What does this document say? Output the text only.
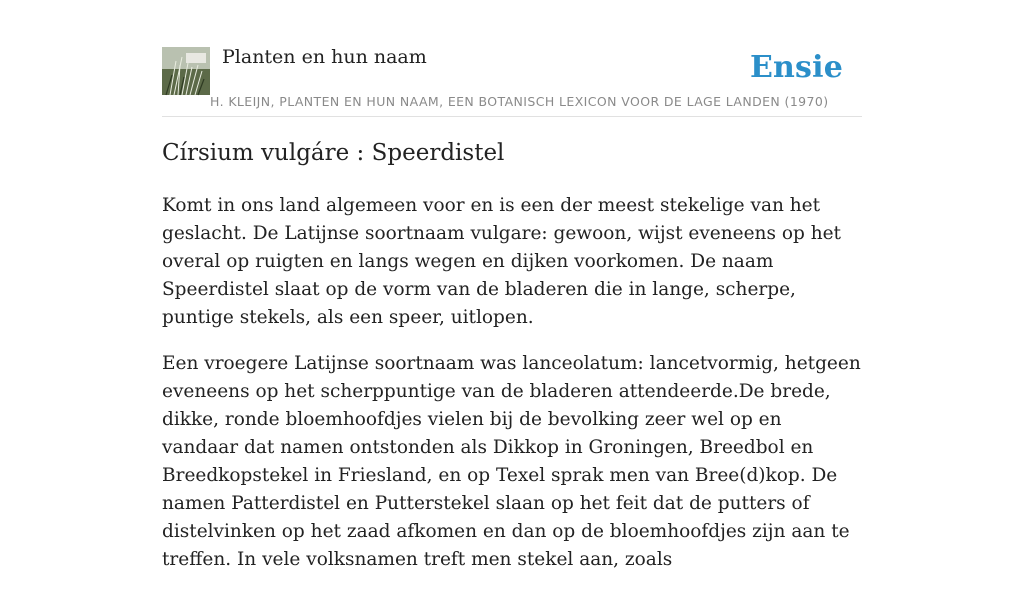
Planten en hun naam	Ensie
H. KLEIJN, PLANTEN EN HUN NAAM, EEN BOTANISCH LEXICON VOOR DE LAGE LANDEN (1970)
Círsium vulgáre : Speerdistel

Komt in ons land algemeen voor en is een der meest stekelige van het geslacht. De Latijnse soortnaam vulgare: gewoon, wijst eveneens op het overal op ruigten en langs wegen en dijken voorkomen. De naam Speerdistel slaat op de vorm van de bladeren die in lange, scherpe, puntige stekels, als een speer, uitlopen.

Een vroegere Latijnse soortnaam was lanceolatum: lancetvormig, hetgeen eveneens op het scherppuntige van de bladeren attendeerde.De brede, dikke, ronde bloemhoofdjes vielen bij de bevolking zeer wel op en vandaar dat namen ontstonden als Dikkop in Groningen, Breedbol en Breedkopstekel in Friesland, en op Texel sprak men van Bree(d)kop. De namen Patterdistel en Putterstekel slaan op het feit dat de putters of distelvinken op het zaad afkomen en dan op de bloemhoofdjes zijn aan te treffen. In vele volksnamen treft men stekel aan, zoals
